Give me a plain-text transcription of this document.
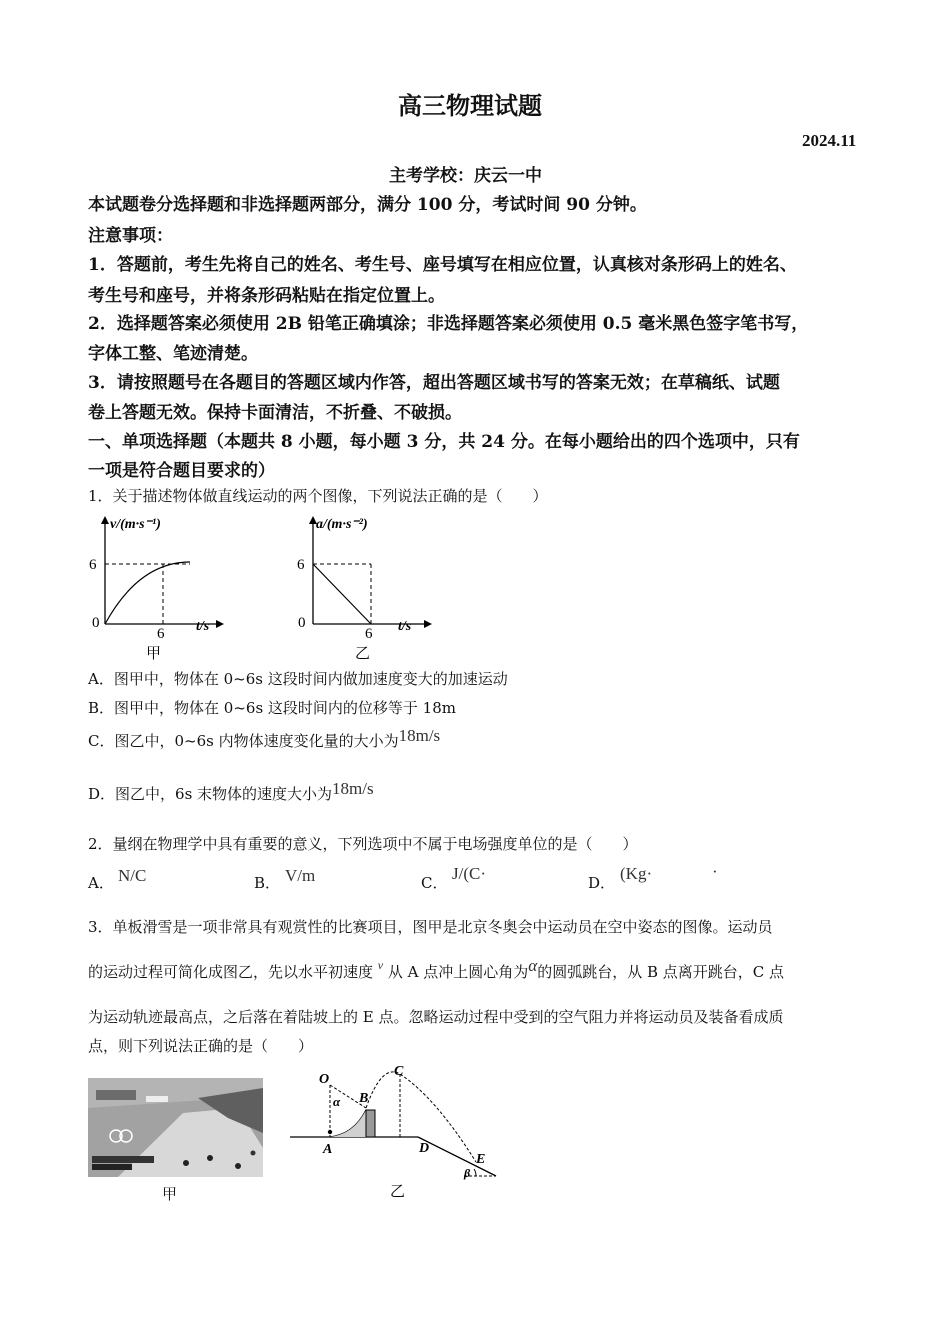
高三物理试题
2024.11
主考学校：庆云一中
本试题卷分选择题和非选择题两部分，满分 100 分，考试时间 90 分钟。
注意事项：
1．答题前，考生先将自己的姓名、考生号、座号填写在相应位置，认真核对条形码上的姓名、
考生号和座号，并将条形码粘贴在指定位置上。
2．选择题答案必须使用 2B 铅笔正确填涂；非选择题答案必须使用 0.5 毫米黑色签字笔书写，
字体工整、笔迹清楚。
3．请按照题号在各题目的答题区域内作答，超出答题区域书写的答案无效；在草稿纸、试题
卷上答题无效。保持卡面清洁，不折叠、不破损。
一、单项选择题（本题共 8 小题，每小题 3 分，共 24 分。在每小题给出的四个选项中，只有
一项是符合题目要求的）
1．关于描述物体做直线运动的两个图像，下列说法正确的是（　　）
v/(m·s⁻¹)
6
0
6 t/s
甲
a/(m·s⁻²)
6
0
6 t/s
乙
A．图甲中，物体在 0~6s 这段时间内做加速度变大的加速运动
B．图甲中，物体在 0~6s 这段时间内的位移等于 18m
C．图乙中，0~6s 内物体速度变化量的大小为18m/s
D．图乙中，6s 末物体的速度大小为18m/s
2．量纲在物理学中具有重要的意义，下列选项中不属于电场强度单位的是（　　）
A． N/C	B． V/m	C． J/(C·	D． (Kg·	·
3．单板滑雪是一项非常具有观赏性的比赛项目，图甲是北京冬奥会中运动员在空中姿态的图像。运动员
的运动过程可简化成图乙，先以水平初速度 $^v$ 从 A 点冲上圆心角为α的圆弧跳台，从 B 点离开跳台，C 点
为运动轨迹最高点，之后落在着陆坡上的 E 点。忽略运动过程中受到的空气阻力并将运动员及装备看成质
点，则下列说法正确的是（　　）
甲
O
α B
C
A	D
E
β
乙
